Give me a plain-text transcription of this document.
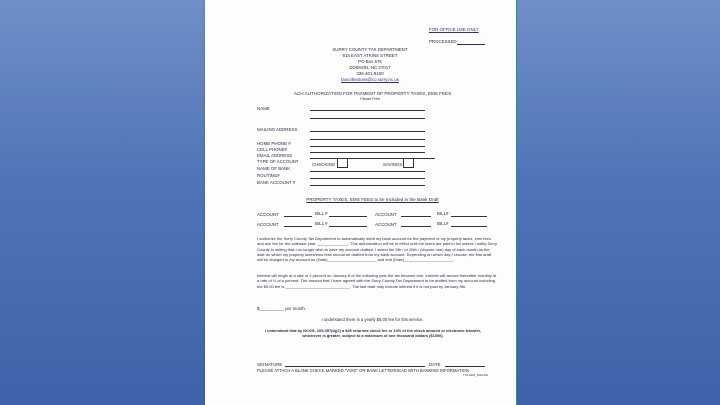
FOR OFFICE USE ONLY
PROCESSED:
SURRY COUNTY TAX DEPARTMENT
915 EAST ATKINS STREET
PO Box 576
DOBSON, NC 27017
336-401-8100
taxcollections@co.surry.nc.us
ACH AUTHORIZATION FOR PAYMENT OF PROPERTY TAXES, EMS FEES
Please Print
NAME
MAILING ADDRESS
HOME PHONE #
CELL PHONE#
EMAIL ADDRESS
TYPE OF ACCOUNT
CHECKING	SAVINGS
NAME OF BANK
ROUTING#
BANK ACCOUNT #
PROPERTY TAXES, EMS FEES to be Included in the Bank Draft
ACCOUNT	BILL #	ACCOUNT	BILL#
ACCOUNT	BILL #	ACCOUNT	BILL#
I authorize the Surry County Tax Department to automatically debit my bank account for the payment of my property taxes, ems fees and ach fee for the calendar year ______________. This authorization will be in effect until the taxes are paid in full unless I notify Surry County in writing that I no longer wish to have my account drafted. I select the 5th / or 20th / (choose one) day of each month as the date on which my property taxes/ems fees should be drafted from my bank account. Depending on which day I choose, the first draft will be charged to my account on (Date)______________________ and end (Date)______________________.
Interest will begin at a rate of 2 percent on January 6 of the following year the tax became due. Interest will accrue thereafter monthly at a rate of ¾ of a percent. The amount that I have agreed with the Surry County Tax Department to be drafted from my account including the $5.00 fee is _____________________________. The last draft may include interest if it is not paid by January 5th.
$__________ per month.
I understand there is a yearly $5.00 fee for this service.
I understand that by NCGS: 105-357(b)(2) a $25 returned check fee or 10% of the check amount or electronic transfer, whichever is greater, subject to a maximum of one thousand dollars ($1000).
SIGNATURE	DATE
PLEASE ATTACH A BLANK CHECK MARKED "VOID" OR BANK LETTERHEAD WITH BANKING INFORMATION
TX1-0061_2016-HG
